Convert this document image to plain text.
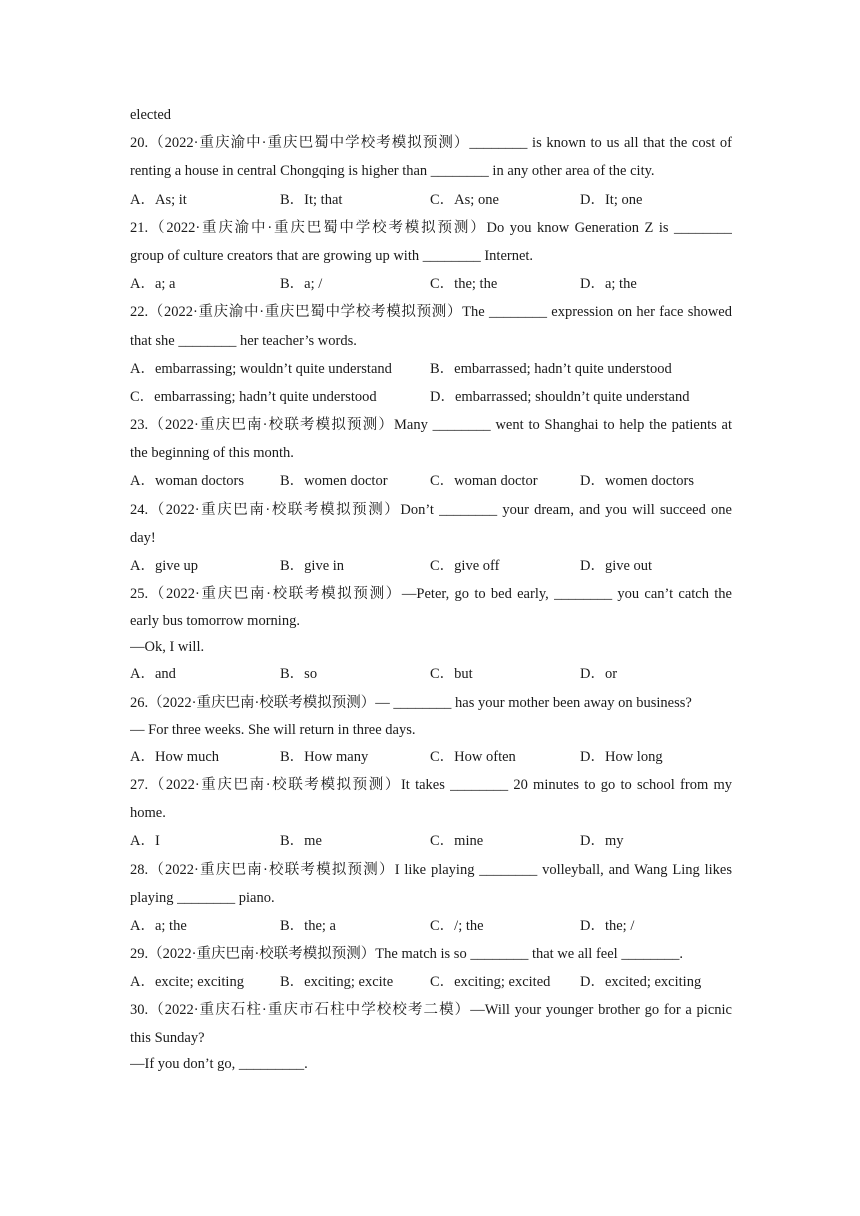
elected
20.（2022·重庆渝中·重庆巴蜀中学校考模拟预测）________ is known to us all that the cost of
renting a house in central Chongqing is higher than ________ in any other area of the city.
A．As; it	B．It; that	C．As; one	D．It; one
21.（2022·重庆渝中·重庆巴蜀中学校考模拟预测）Do you know Generation Z is ________
group of culture creators that are growing up with ________ Internet.
A．a; a	B．a; /	C．the; the	D．a; the
22.（2022·重庆渝中·重庆巴蜀中学校考模拟预测）The ________ expression on her face showed
that she ________ her teacher’s words.
A．embarrassing; wouldn’t quite understand	B．embarrassed; hadn’t quite understood
C．embarrassing; hadn’t quite understood	D．embarrassed; shouldn’t quite understand
23.（2022·重庆巴南·校联考模拟预测）Many ________ went to Shanghai to help the patients at
the beginning of this month.
A．woman doctors	B．women doctor	C．woman doctor	D．women doctors
24.（2022·重庆巴南·校联考模拟预测）Don’t ________ your dream, and you will succeed one
day!
A．give up	B．give in	C．give off	D．give out
25.（2022·重庆巴南·校联考模拟预测）—Peter, go to bed early, ________ you can’t catch the
early bus tomorrow morning.
—Ok, I will.
A．and	B．so	C．but	D．or
26.（2022·重庆巴南·校联考模拟预测）— ________ has your mother been away on business?
— For three weeks. She will return in three days.
A．How much	B．How many	C．How often	D．How long
27.（2022·重庆巴南·校联考模拟预测）It takes ________ 20 minutes to go to school from my
home.
A．I	B．me	C．mine	D．my
28.（2022·重庆巴南·校联考模拟预测）I like playing ________ volleyball, and Wang Ling likes
playing ________ piano.
A．a; the	B．the; a	C．/; the	D．the; /
29.（2022·重庆巴南·校联考模拟预测）The match is so ________ that we all feel ________.
A．excite; exciting	B．exciting; excite	C．exciting; excited	D．excited; exciting
30.（2022·重庆石柱·重庆市石柱中学校校考二模）—Will your younger brother go for a picnic
this Sunday?
—If you don’t go, _________.
